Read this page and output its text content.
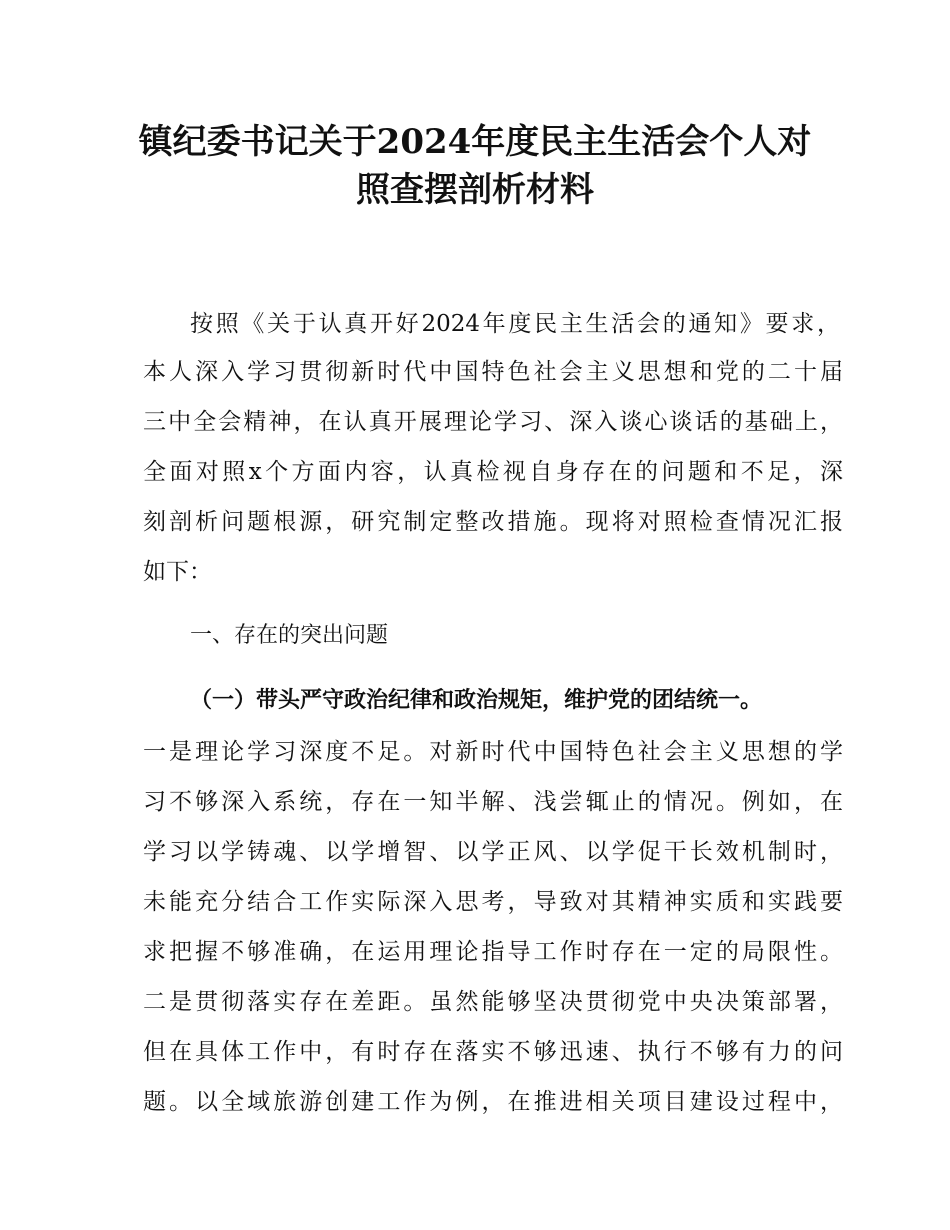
镇纪委书记关于2024年度民主生活会个人对
照查摆剖析材料
按照《关于认真开好2024年度民主生活会的通知》要求，
本人深入学习贯彻新时代中国特色社会主义思想和党的二十届
三中全会精神，在认真开展理论学习、深入谈心谈话的基础上，
全面对照x个方面内容，认真检视自身存在的问题和不足，深
刻剖析问题根源，研究制定整改措施。现将对照检查情况汇报
如下：
一、存在的突出问题
（一）带头严守政治纪律和政治规矩，维护党的团结统一。
一是理论学习深度不足。对新时代中国特色社会主义思想的学
习不够深入系统，存在一知半解、浅尝辄止的情况。例如，在
学习以学铸魂、以学增智、以学正风、以学促干长效机制时，
未能充分结合工作实际深入思考，导致对其精神实质和实践要
求把握不够准确，在运用理论指导工作时存在一定的局限性。
二是贯彻落实存在差距。虽然能够坚决贯彻党中央决策部署，
但在具体工作中，有时存在落实不够迅速、执行不够有力的问
题。以全域旅游创建工作为例，在推进相关项目建设过程中，
